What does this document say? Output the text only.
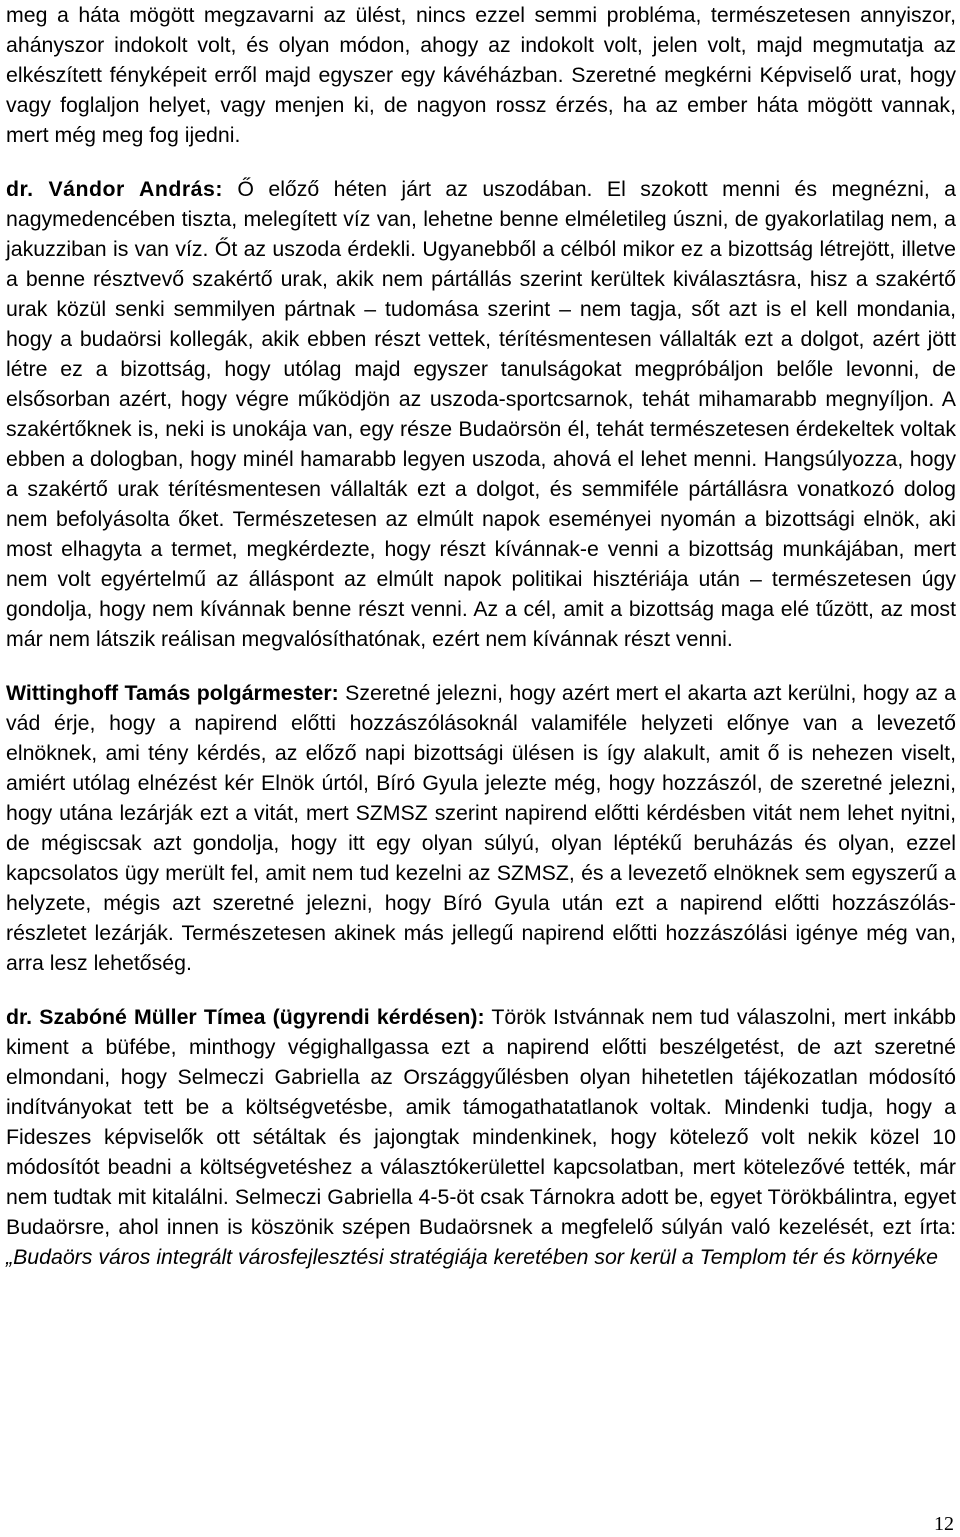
meg a háta mögött megzavarni az ülést, nincs ezzel semmi probléma, természetesen annyiszor, ahányszor indokolt volt, és olyan módon, ahogy az indokolt volt, jelen volt, majd megmutatja az elkészített fényképeit erről majd egyszer egy kávéházban. Szeretné megkérni Képviselő urat, hogy vagy foglaljon helyet, vagy menjen ki, de nagyon rossz érzés, ha az ember háta mögött vannak, mert még meg fog ijedni.

dr. Vándor András: Ő előző héten járt az uszodában. El szokott menni és megnézni, a nagymedencében tiszta, melegített víz van, lehetne benne elméletileg úszni, de gyakorlatilag nem, a jakuzziban is van víz. Őt az uszoda érdekli. Ugyanebből a célból mikor ez a bizottság létrejött, illetve a benne résztvevő szakértő urak, akik nem pártállás szerint kerültek kiválasztásra, hisz a szakértő urak közül senki semmilyen pártnak – tudomása szerint – nem tagja, sőt azt is el kell mondania, hogy a budaörsi kollegák, akik ebben részt vettek, térítésmentesen vállalták ezt a dolgot, azért jött létre ez a bizottság, hogy utólag majd egyszer tanulságokat megpróbáljon belőle levonni, de elsősorban azért, hogy végre működjön az uszoda-sportcsarnok, tehát mihamarabb megnyíljon. A szakértőknek is, neki is unokája van, egy része Budaörsön él, tehát természetesen érdekeltek voltak ebben a dologban, hogy minél hamarabb legyen uszoda, ahová el lehet menni. Hangsúlyozza, hogy a szakértő urak térítésmentesen vállalták ezt a dolgot, és semmiféle pártállásra vonatkozó dolog nem befolyásolta őket. Természetesen az elmúlt napok eseményei nyomán a bizottsági elnök, aki most elhagyta a termet, megkérdezte, hogy részt kívánnak-e venni a bizottság munkájában, mert nem volt egyértelmű az álláspont az elmúlt napok politikai hisztériája után – természetesen úgy gondolja, hogy nem kívánnak benne részt venni. Az a cél, amit a bizottság maga elé tűzött, az most már nem látszik reálisan megvalósíthatónak, ezért nem kívánnak részt venni.

Wittinghoff Tamás polgármester: Szeretné jelezni, hogy azért mert el akarta azt kerülni, hogy az a vád érje, hogy a napirend előtti hozzászólásoknál valamiféle helyzeti előnye van a levezető elnöknek, ami tény kérdés, az előző napi bizottsági ülésen is így alakult, amit ő is nehezen viselt, amiért utólag elnézést kér Elnök úrtól, Bíró Gyula jelezte még, hogy hozzászól, de szeretné jelezni, hogy utána lezárják ezt a vitát, mert SZMSZ szerint napirend előtti kérdésben vitát nem lehet nyitni, de mégiscsak azt gondolja, hogy itt egy olyan súlyú, olyan léptékű beruházás és olyan, ezzel kapcsolatos ügy merült fel, amit nem tud kezelni az SZMSZ, és a levezető elnöknek sem egyszerű a helyzete, mégis azt szeretné jelezni, hogy Bíró Gyula után ezt a napirend előtti hozzászólás-részletet lezárják. Természetesen akinek más jellegű napirend előtti hozzászólási igénye még van, arra lesz lehetőség.

dr. Szabóné Müller Tímea (ügyrendi kérdésen): Török Istvánnak nem tud válaszolni, mert inkább kiment a büfébe, minthogy végighallgassa ezt a napirend előtti beszélgetést, de azt szeretné elmondani, hogy Selmeczi Gabriella az Országgyűlésben olyan hihetetlen tájékozatlan módosító indítványokat tett be a költségvetésbe, amik támogathatatlanok voltak. Mindenki tudja, hogy a Fideszes képviselők ott sétáltak és jajongtak mindenkinek, hogy kötelező volt nekik közel 10 módosítót beadni a költségvetéshez a választókerülettel kapcsolatban, mert kötelezővé tették, már nem tudtak mit kitalálni. Selmeczi Gabriella 4-5-öt csak Tárnokra adott be, egyet Törökbálintra, egyet Budaörsre, ahol innen is köszönik szépen Budaörsnek a megfelelő súlyán való kezelését, ezt írta: „Budaörs város integrált városfejlesztési stratégiája keretében sor kerül a Templom tér és környéke

12
